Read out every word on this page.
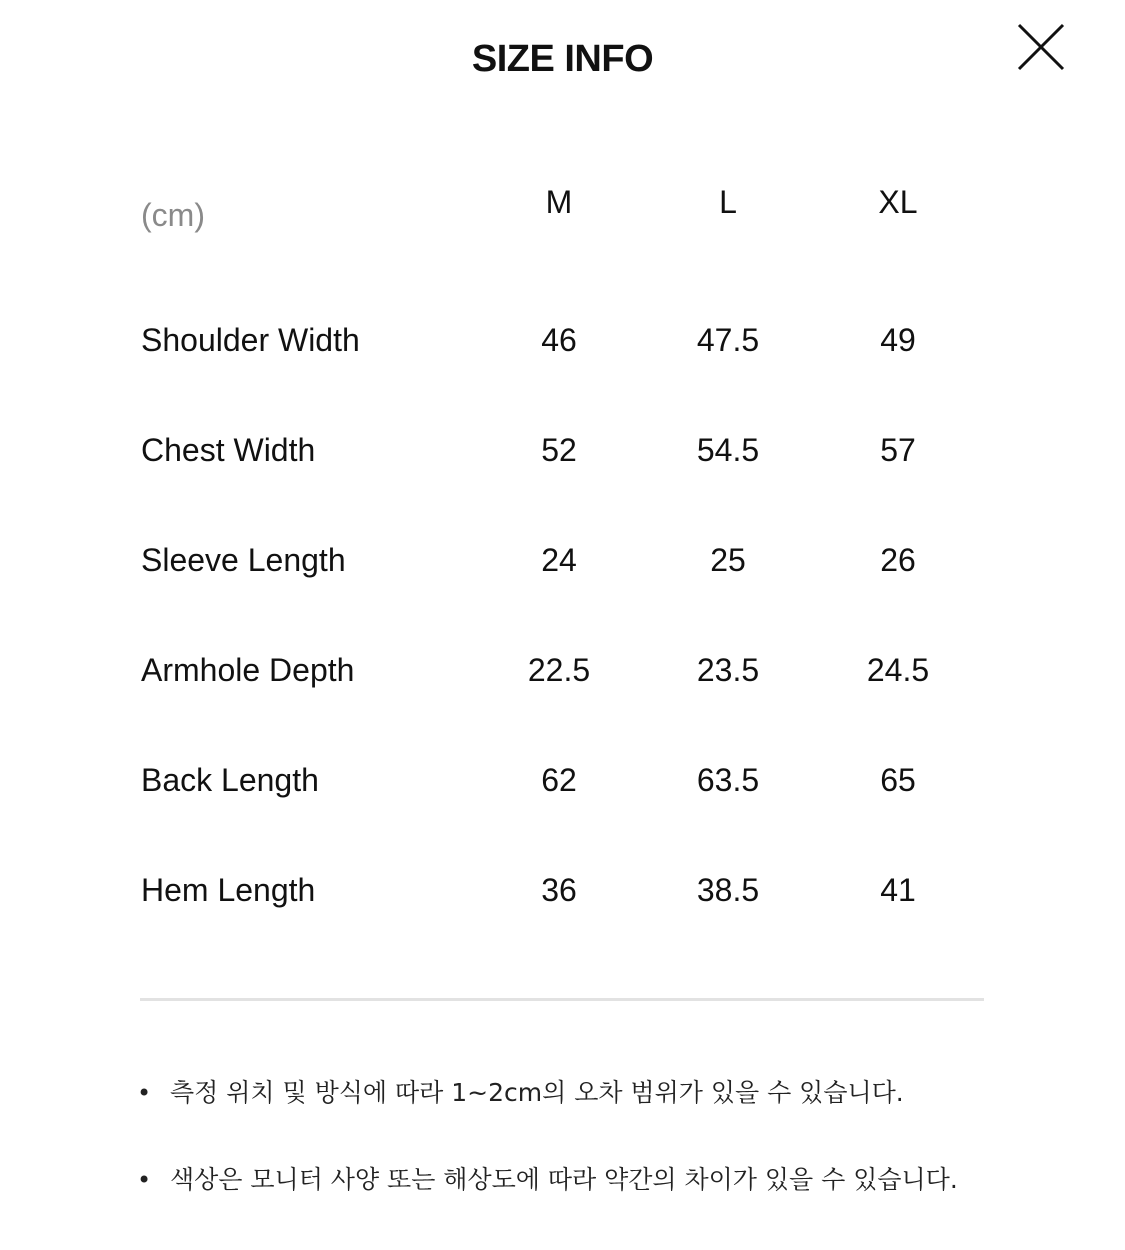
SIZE INFO
(cm)	M	L	XL
Shoulder Width	46	47.5	49
Chest Width	52	54.5	57
Sleeve Length	24	25	26
Armhole Depth	22.5	23.5	24.5
Back Length	62	63.5	65
Hem Length	36	38.5	41
• 측정 위치 및 방식에 따라 1~2cm의 오차 범위가 있을 수 있습니다.
• 색상은 모니터 사양 또는 해상도에 따라 약간의 차이가 있을 수 있습니다.
